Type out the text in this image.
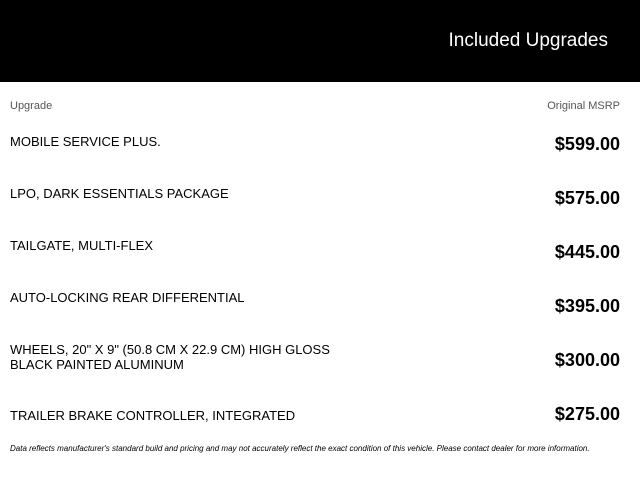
Included Upgrades
Upgrade	Original MSRP
MOBILE SERVICE PLUS.	$599.00
LPO, DARK ESSENTIALS PACKAGE	$575.00
TAILGATE, MULTI-FLEX	$445.00
AUTO-LOCKING REAR DIFFERENTIAL	$395.00
WHEELS, 20" X 9" (50.8 CM X 22.9 CM) HIGH GLOSS BLACK PAINTED ALUMINUM	$300.00
TRAILER BRAKE CONTROLLER, INTEGRATED	$275.00
Data reflects manufacturer's standard build and pricing and may not accurately reflect the exact condition of this vehicle. Please contact dealer for more information.
